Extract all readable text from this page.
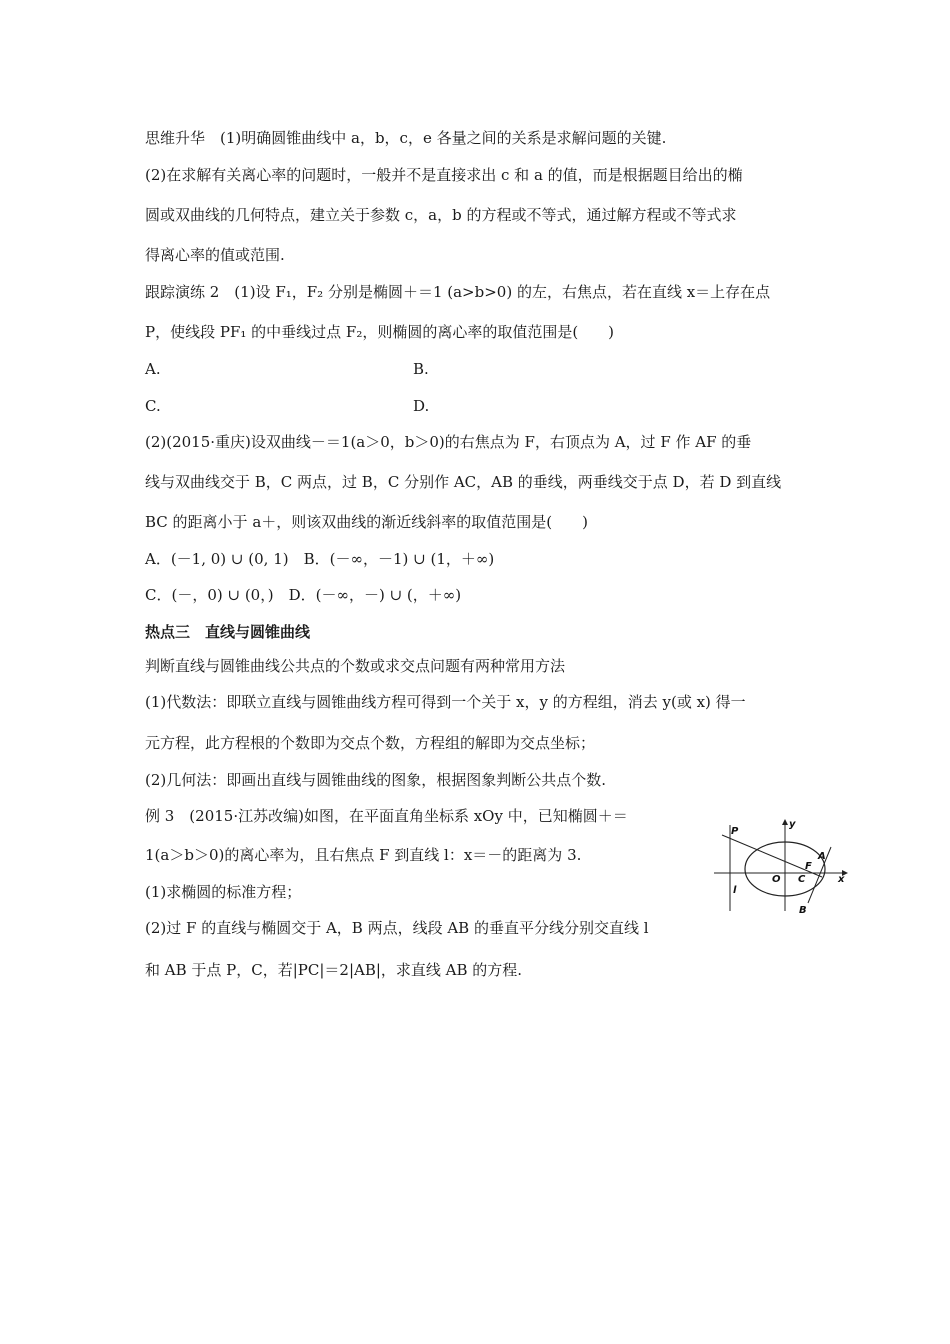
思维升华　(1)明确圆锥曲线中 a，b，c，e 各量之间的关系是求解问题的关键.
(2)在求解有关离心率的问题时，一般并不是直接求出 c 和 a 的值，而是根据题目给出的椭
圆或双曲线的几何特点，建立关于参数 c，a，b 的方程或不等式，通过解方程或不等式求
得离心率的值或范围.
跟踪演练 2　(1)设 F₁，F₂ 分别是椭圆＋＝1 (a>b>0) 的左，右焦点，若在直线 x＝上存在点
P，使线段 PF₁ 的中垂线过点 F₂，则椭圆的离心率的取值范围是(　　)
A.	B.
C.	D.
(2)(2015·重庆)设双曲线－＝1(a＞0，b＞0)的右焦点为 F，右顶点为 A，过 F 作 AF 的垂
线与双曲线交于 B，C 两点，过 B，C 分别作 AC，AB 的垂线，两垂线交于点 D，若 D 到直线
BC 的距离小于 a＋，则该双曲线的渐近线斜率的取值范围是(　　)
A．(－1, 0) ∪ (0, 1)　B．(－∞，－1) ∪ (1，＋∞)
C．(－，0) ∪ (0，)　D．(－∞，－) ∪ (，＋∞)
热点三　直线与圆锥曲线
判断直线与圆锥曲线公共点的个数或求交点问题有两种常用方法
(1)代数法：即联立直线与圆锥曲线方程可得到一个关于 x，y 的方程组，消去 y(或 x) 得一
元方程，此方程根的个数即为交点个数，方程组的解即为交点坐标；
(2)几何法：即画出直线与圆锥曲线的图象，根据图象判断公共点个数.
例 3　(2015·江苏改编)如图，在平面直角坐标系 xOy 中，已知椭圆＋＝
1(a＞b＞0)的离心率为，且右焦点 F 到直线 l：x＝－的距离为 3.
(1)求椭圆的标准方程；
(2)过 F 的直线与椭圆交于 A，B 两点，线段 AB 的垂直平分线分别交直线 l
和 AB 于点 P，C，若|PC|＝2|AB|，求直线 AB 的方程.
P
y
A
F
O C	x
l
B
